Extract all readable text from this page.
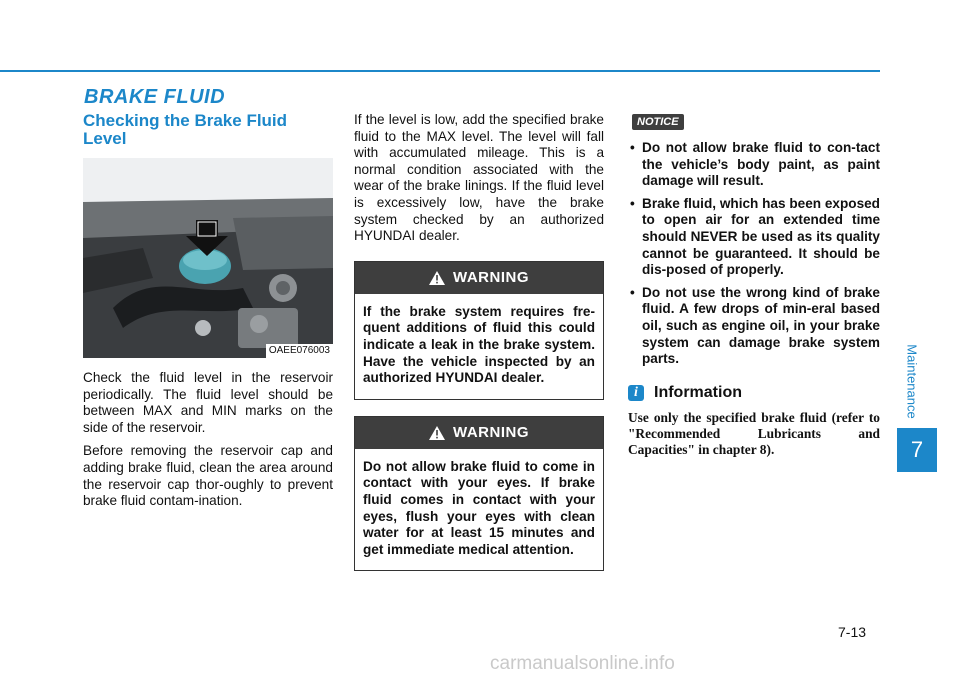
BRAKE FLUID
Checking the Brake Fluid Level
OAEE076003

Check the fluid level in the reservoir periodically. The fluid level should be between MAX and MIN marks on the side of the reservoir.

Before removing the reservoir cap and adding brake fluid, clean the area around the reservoir cap thor-oughly to prevent brake fluid contam-ination.

If the level is low, add the specified brake fluid to the MAX level. The level will fall with accumulated mileage. This is a normal condition associated with the wear of the brake linings. If the fluid level is excessively low, have the brake system checked by an authorized HYUNDAI dealer.

WARNING
If the brake system requires fre-quent additions of fluid this could indicate a leak in the brake system. Have the vehicle inspected by an authorized HYUNDAI dealer.
WARNING
Do not allow brake fluid to come in contact with your eyes. If brake fluid comes in contact with your eyes, flush your eyes with clean water for at least 15 minutes and get immediate medical attention.
NOTICE
• Do not allow brake fluid to con-tact the vehicle’s body paint, as paint damage will result.
• Brake fluid, which has been exposed to open air for an extended time should NEVER be used as its quality cannot be guaranteed. It should be dis-posed of properly.
• Do not use the wrong kind of brake fluid. A few drops of min-eral based oil, such as engine oil, in your brake system can damage brake system parts.
i	Information

Use only the specified brake fluid (refer to "Recommended Lubricants and Capacities" in chapter 8).

Maintenance
7
7-13
carmanualsonline.info
